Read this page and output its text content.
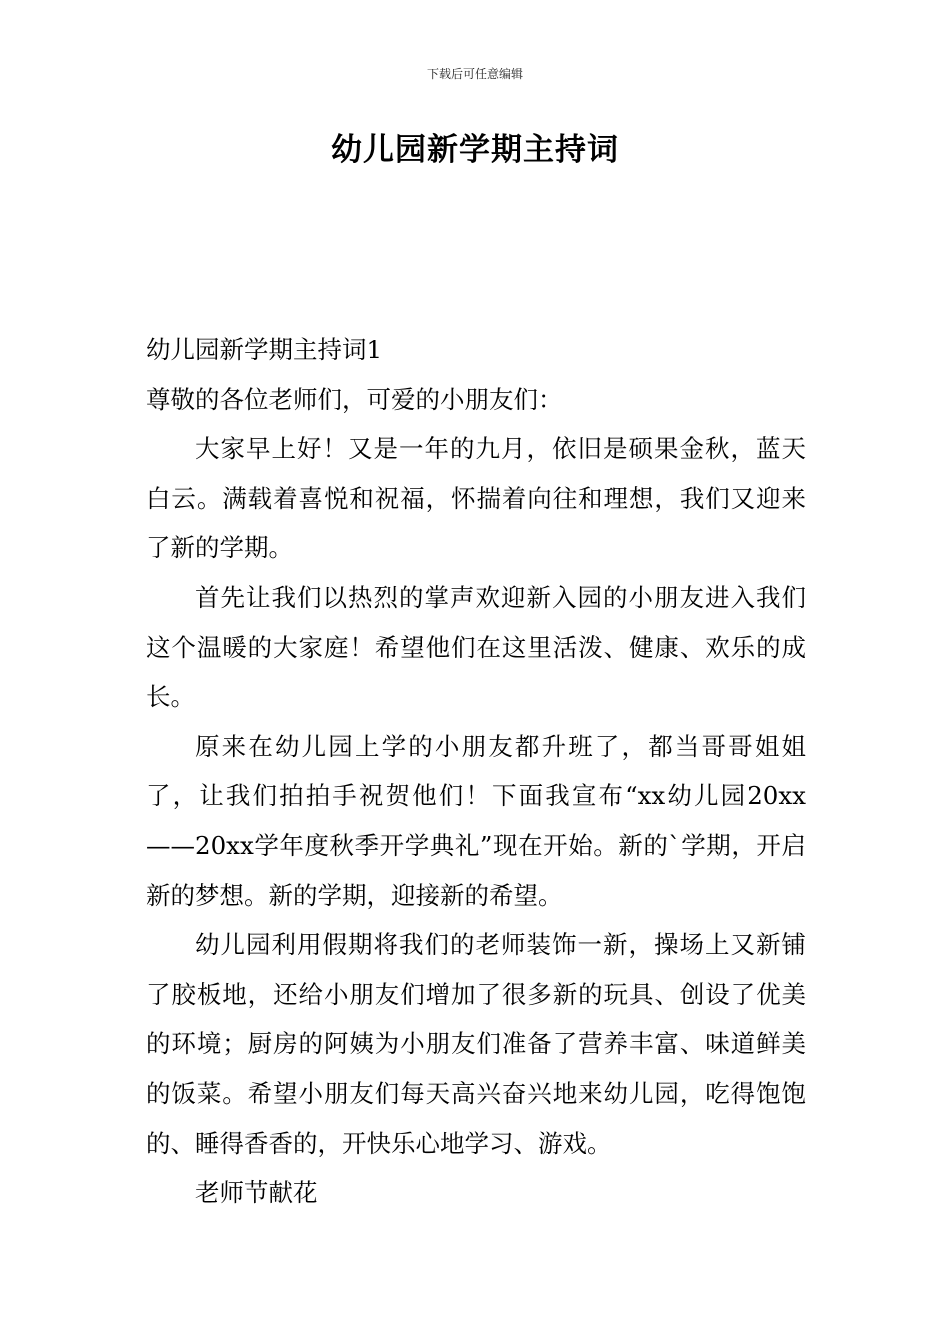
下载后可任意编辑
幼儿园新学期主持词

幼儿园新学期主持词1

尊敬的各位老师们，可爱的小朋友们：

大家早上好！又是一年的九月，依旧是硕果金秋，蓝天白云。满载着喜悦和祝福，怀揣着向往和理想，我们又迎来了新的学期。

首先让我们以热烈的掌声欢迎新入园的小朋友进入我们这个温暖的大家庭！希望他们在这里活泼、健康、欢乐的成长。

原来在幼儿园上学的小朋友都升班了，都当哥哥姐姐了，让我们拍拍手祝贺他们！下面我宣布“xx幼儿园20xx——20xx学年度秋季开学典礼”现在开始。新的`学期，开启新的梦想。新的学期，迎接新的希望。

幼儿园利用假期将我们的老师装饰一新，操场上又新铺了胶板地，还给小朋友们增加了很多新的玩具、创设了优美的环境；厨房的阿姨为小朋友们准备了营养丰富、味道鲜美的饭菜。希望小朋友们每天高兴奋兴地来幼儿园，吃得饱饱的、睡得香香的，开快乐心地学习、游戏。

老师节献花
